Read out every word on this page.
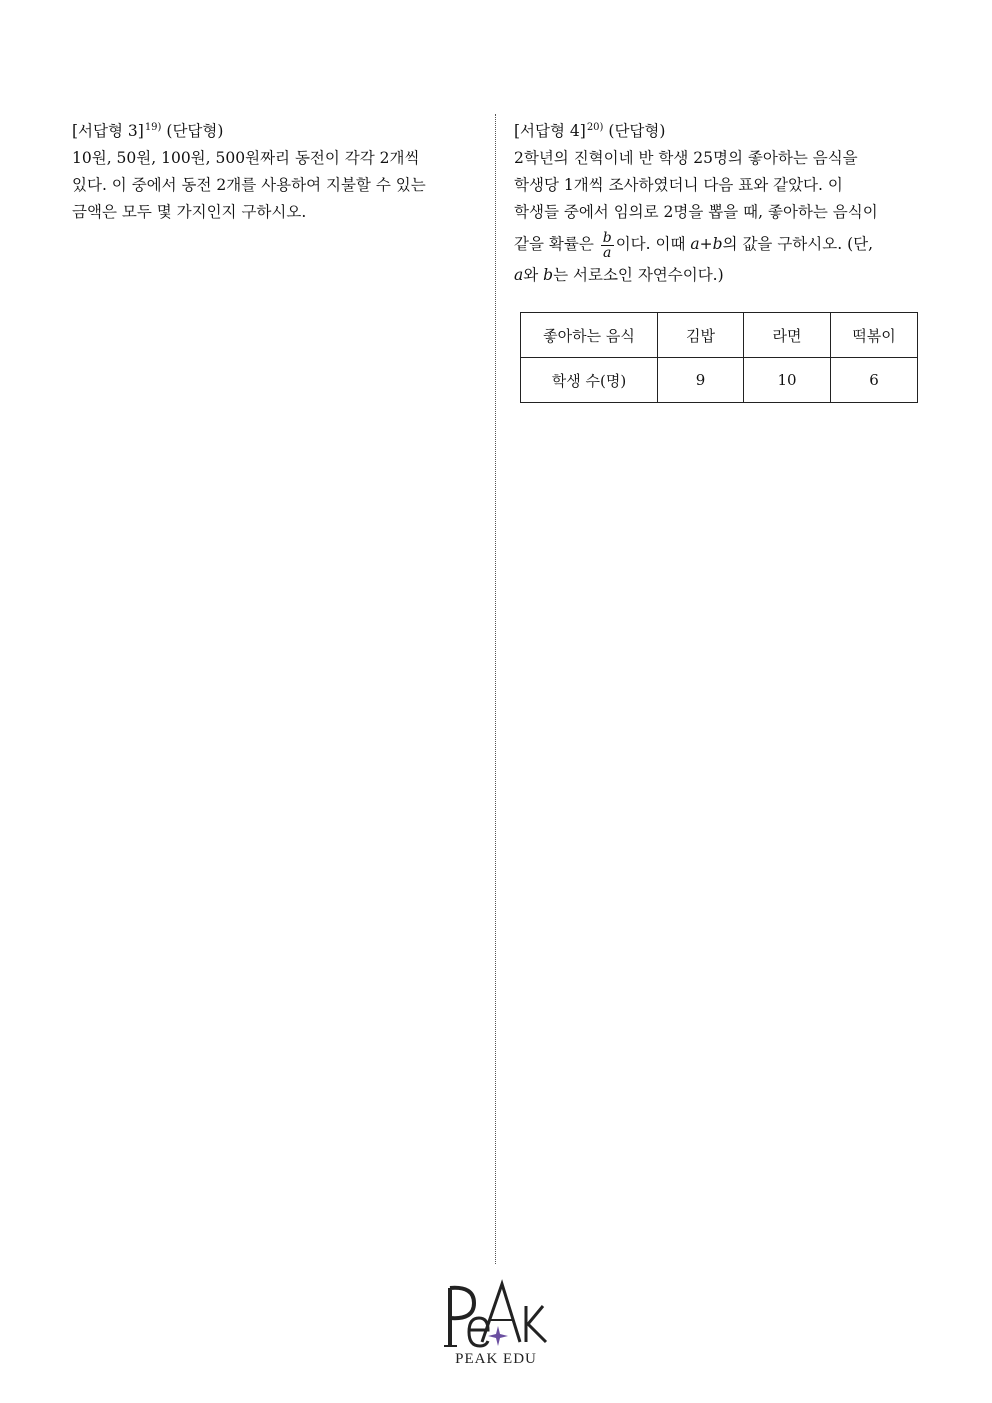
[서답형 3]$^{19)}$ (단답형)
10원, 50원, 100원, 500원짜리 동전이 각각 2개씩
있다. 이 중에서 동전 2개를 사용하여 지불할 수 있는
금액은 모두 몇 가지인지 구하시오.
[서답형 4]$^{20)}$ (단답형)
2학년의 진혁이네 반 학생 25명의 좋아하는 음식을
학생당 1개씩 조사하였더니 다음 표와 같았다. 이
학생들 중에서 임의로 2명을 뽑을 때, 좋아하는 음식이
같을 확률은 $\frac{b}{a}$ 이다. 이때 a+b의 값을 구하시오. (단,
a와 b는 서로소인 자연수이다.)
좋아하는 음식	김밥	라면	떡볶이
학생 수(명)	9	10	6
PEAK EDU
